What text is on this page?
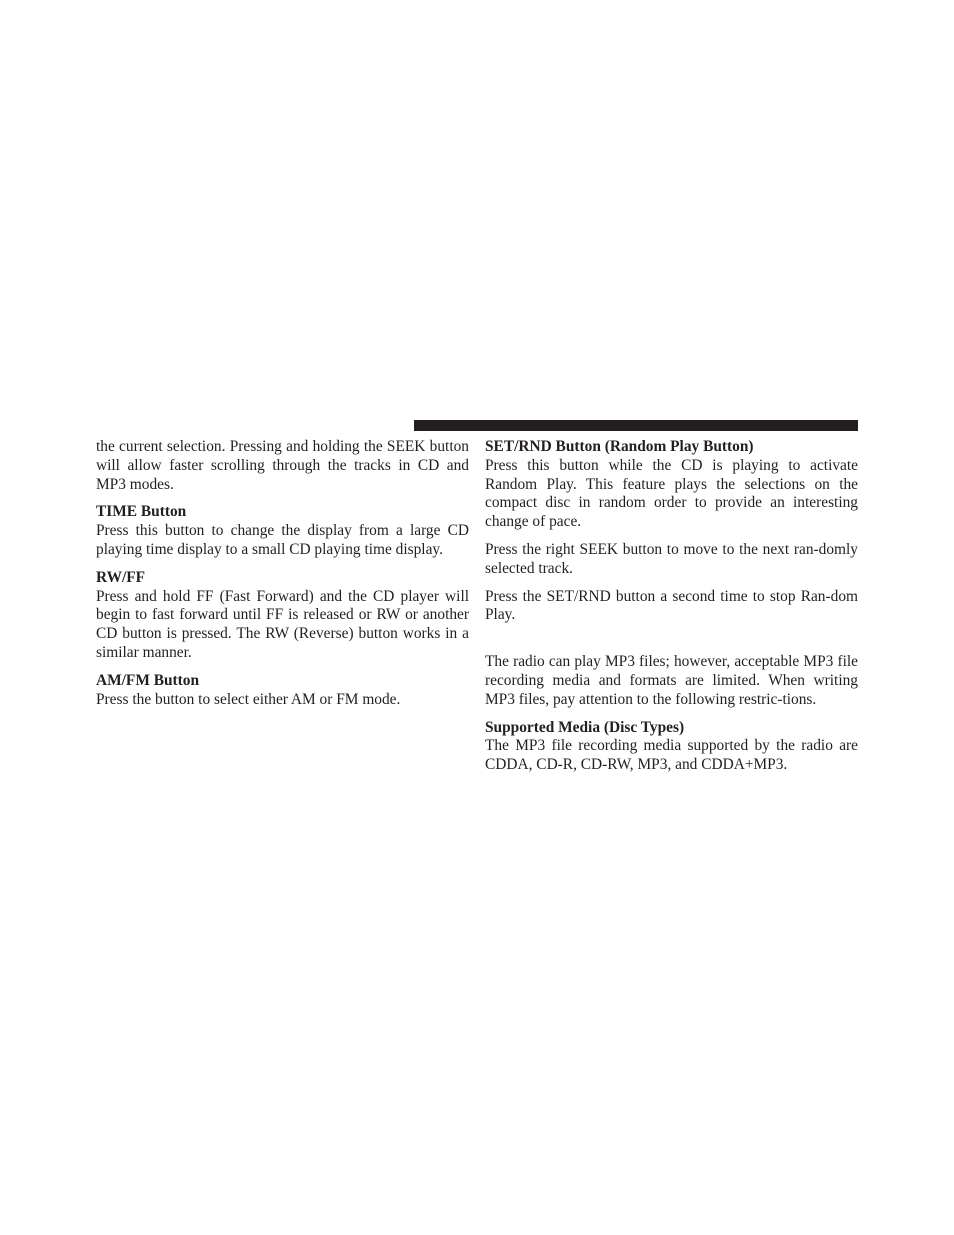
the current selection. Pressing and holding the SEEK button will allow faster scrolling through the tracks in CD and MP3 modes.

TIME Button

Press this button to change the display from a large CD playing time display to a small CD playing time display.

RW/FF

Press and hold FF (Fast Forward) and the CD player will begin to fast forward until FF is released or RW or another CD button is pressed. The RW (Reverse) button works in a similar manner.

AM/FM Button

Press the button to select either AM or FM mode.

SET/RND Button (Random Play Button)

Press this button while the CD is playing to activate Random Play. This feature plays the selections on the compact disc in random order to provide an interesting change of pace.

Press the right SEEK button to move to the next ran-domly selected track.

Press the SET/RND button a second time to stop Ran-dom Play.

The radio can play MP3 files; however, acceptable MP3 file recording media and formats are limited. When writing MP3 files, pay attention to the following restric-tions.

Supported Media (Disc Types)

The MP3 file recording media supported by the radio are CDDA, CD-R, CD-RW, MP3, and CDDA+MP3.
